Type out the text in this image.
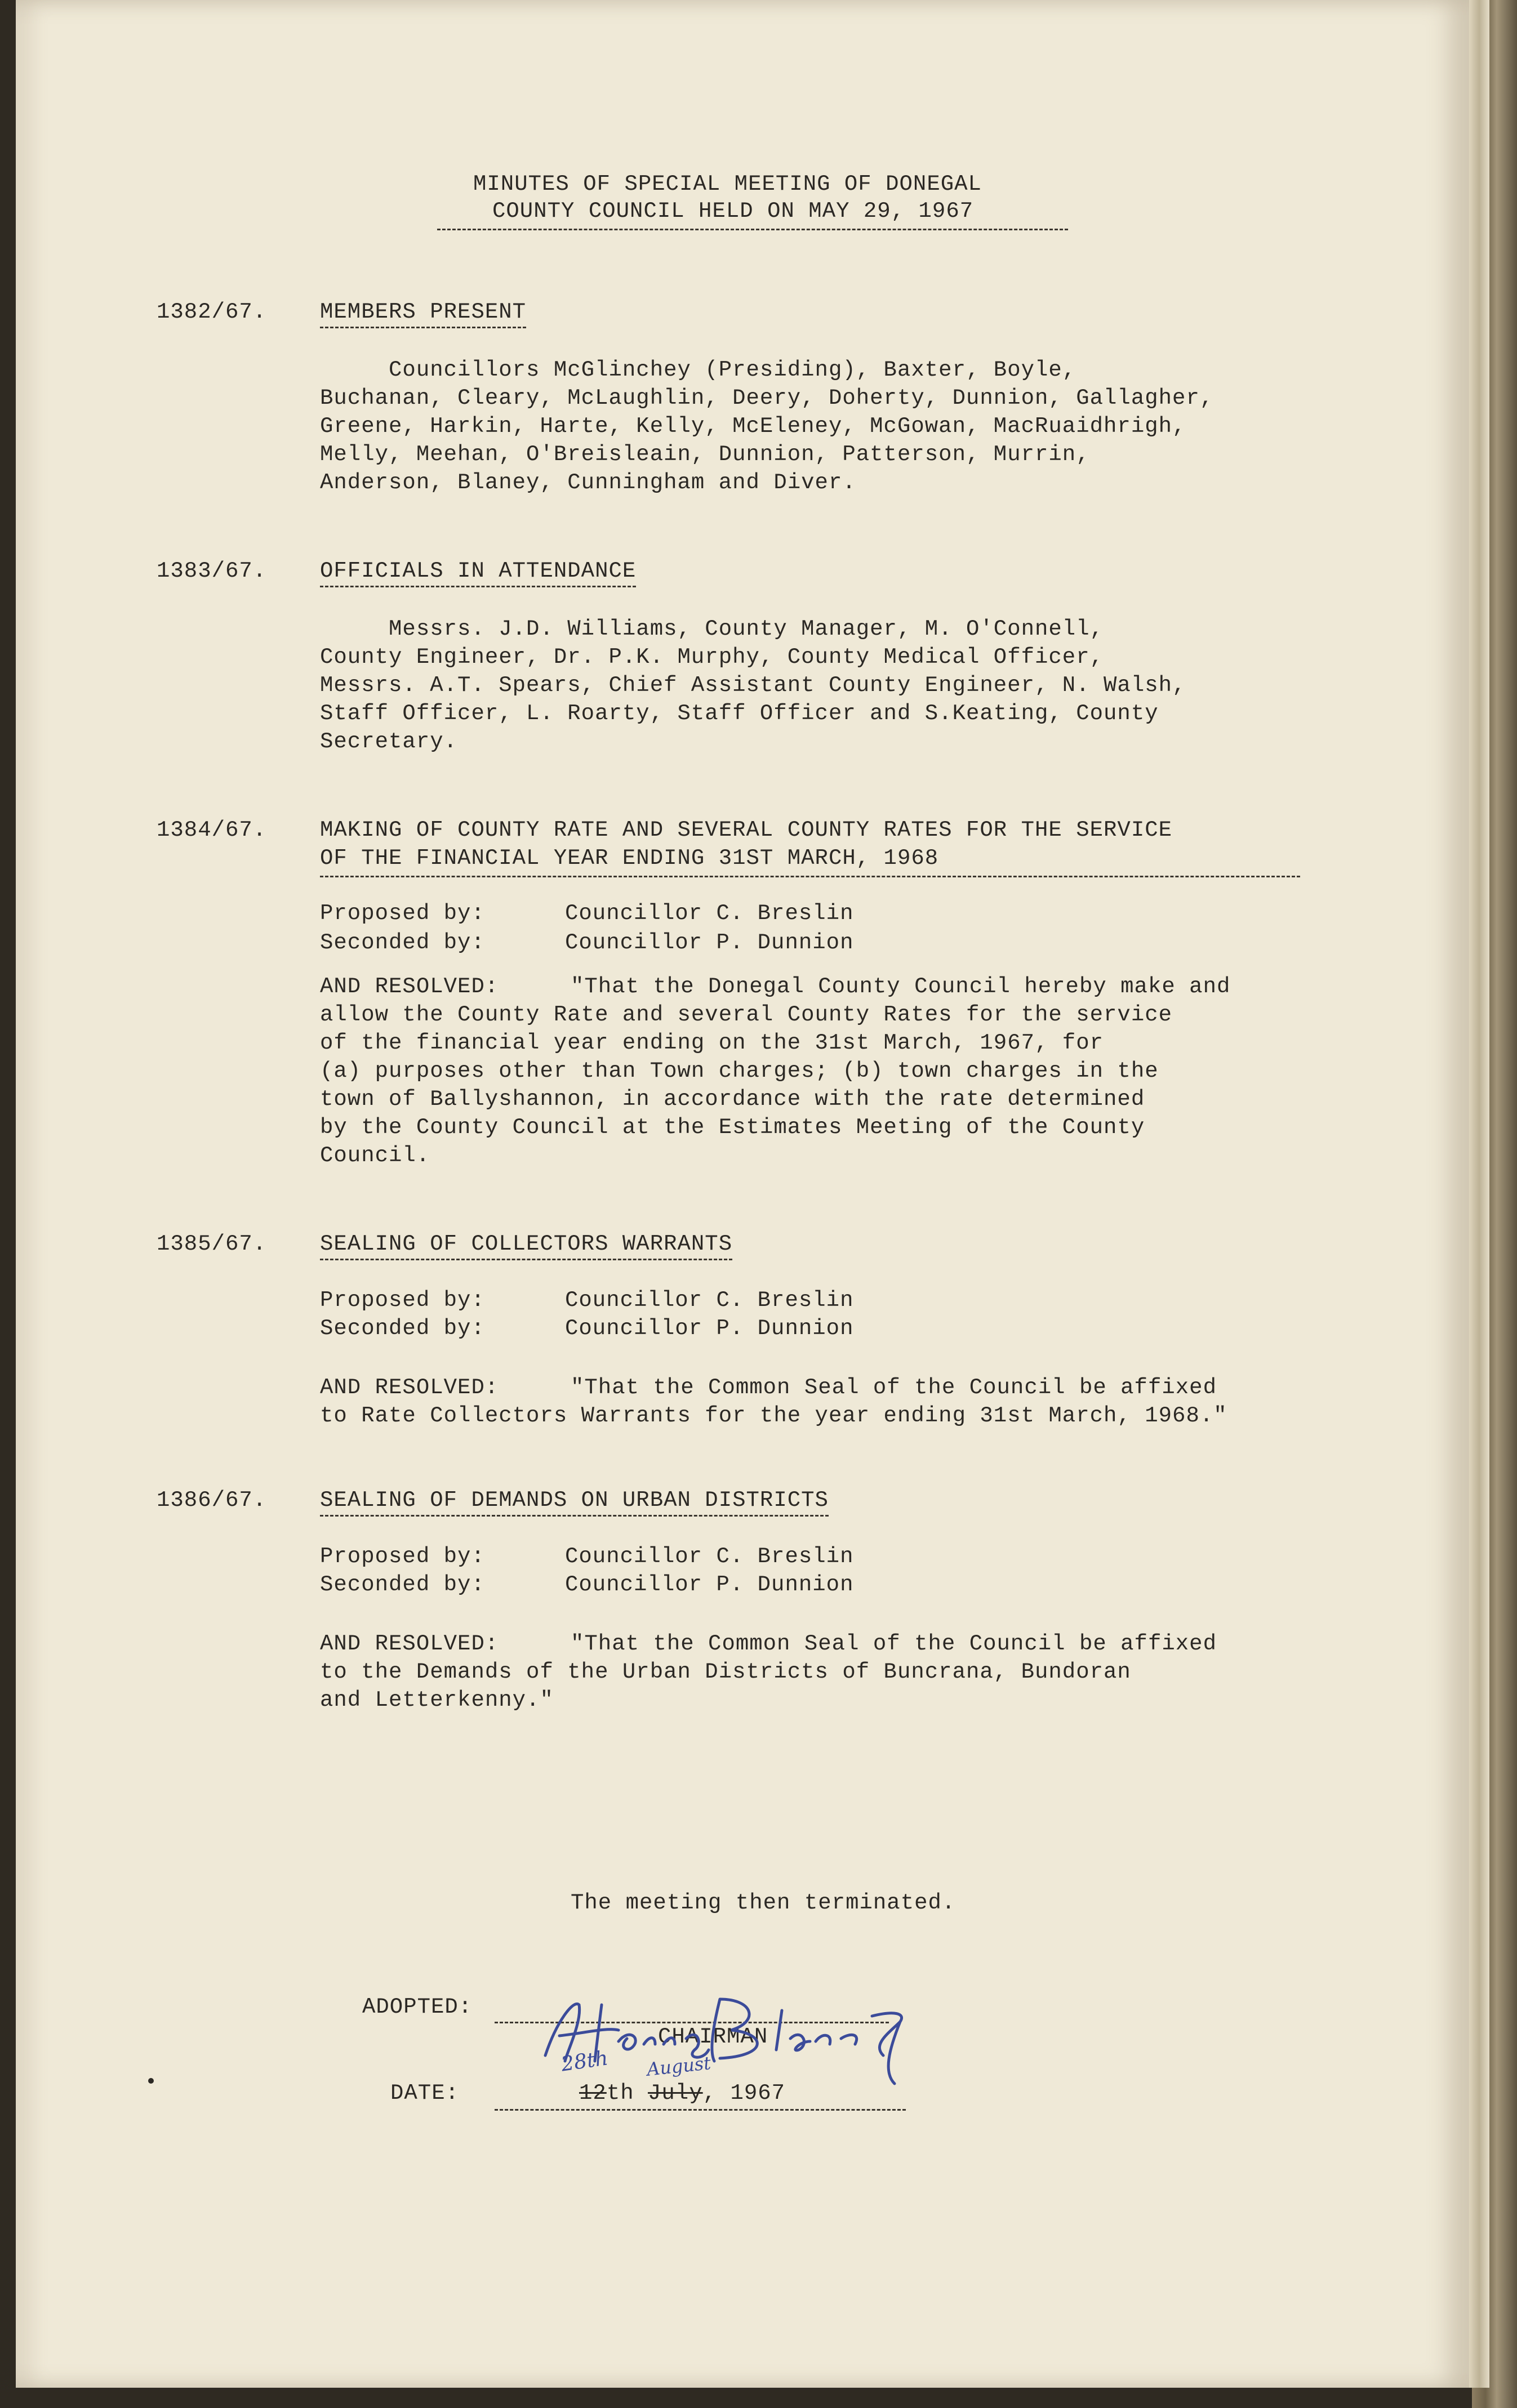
MINUTES OF SPECIAL MEETING OF DONEGAL
COUNTY COUNCIL HELD ON MAY 29, 1967
1382/67. MEMBERS PRESENT
Councillors McGlinchey (Presiding), Baxter, Boyle,
Buchanan, Cleary, McLaughlin, Deery, Doherty, Dunnion, Gallagher,
Greene, Harkin, Harte, Kelly, McEleney, McGowan, MacRuaidhrigh,
Melly, Meehan, O'Breisleain, Dunnion, Patterson, Murrin,
Anderson, Blaney, Cunningham and Diver.
1383/67. OFFICIALS IN ATTENDANCE
Messrs. J.D. Williams, County Manager, M. O'Connell,
County Engineer, Dr. P.K. Murphy, County Medical Officer,
Messrs. A.T. Spears, Chief Assistant County Engineer, N. Walsh,
Staff Officer, L. Roarty, Staff Officer and S.Keating, County
Secretary.
1384/67. MAKING OF COUNTY RATE AND SEVERAL COUNTY RATES FOR THE SERVICE
OF THE FINANCIAL YEAR ENDING 31ST MARCH, 1968
Proposed by:	Councillor C. Breslin
Seconded by:	Councillor P. Dunnion
AND RESOLVED:	"That the Donegal County Council hereby make and
allow the County Rate and several County Rates for the service
of the financial year ending on the 31st March, 1967, for
(a) purposes other than Town charges; (b) town charges in the
town of Ballyshannon, in accordance with the rate determined
by the County Council at the Estimates Meeting of the County
Council.
1385/67. SEALING OF COLLECTORS WARRANTS
Proposed by:	Councillor C. Breslin
Seconded by:	Councillor P. Dunnion
AND RESOLVED:	"That the Common Seal of the Council be affixed
to Rate Collectors Warrants for the year ending 31st March, 1968."
1386/67. SEALING OF DEMANDS ON URBAN DISTRICTS
Proposed by:	Councillor C. Breslin
Seconded by:	Councillor P. Dunnion
AND RESOLVED:	"That the Common Seal of the Council be affixed
to the Demands of the Urban Districts of Buncrana, Bundoran
and Letterkenny."
The meeting then terminated.
ADOPTED:
CHAIRMAN
DATE:	12th July, 1967
28th August
